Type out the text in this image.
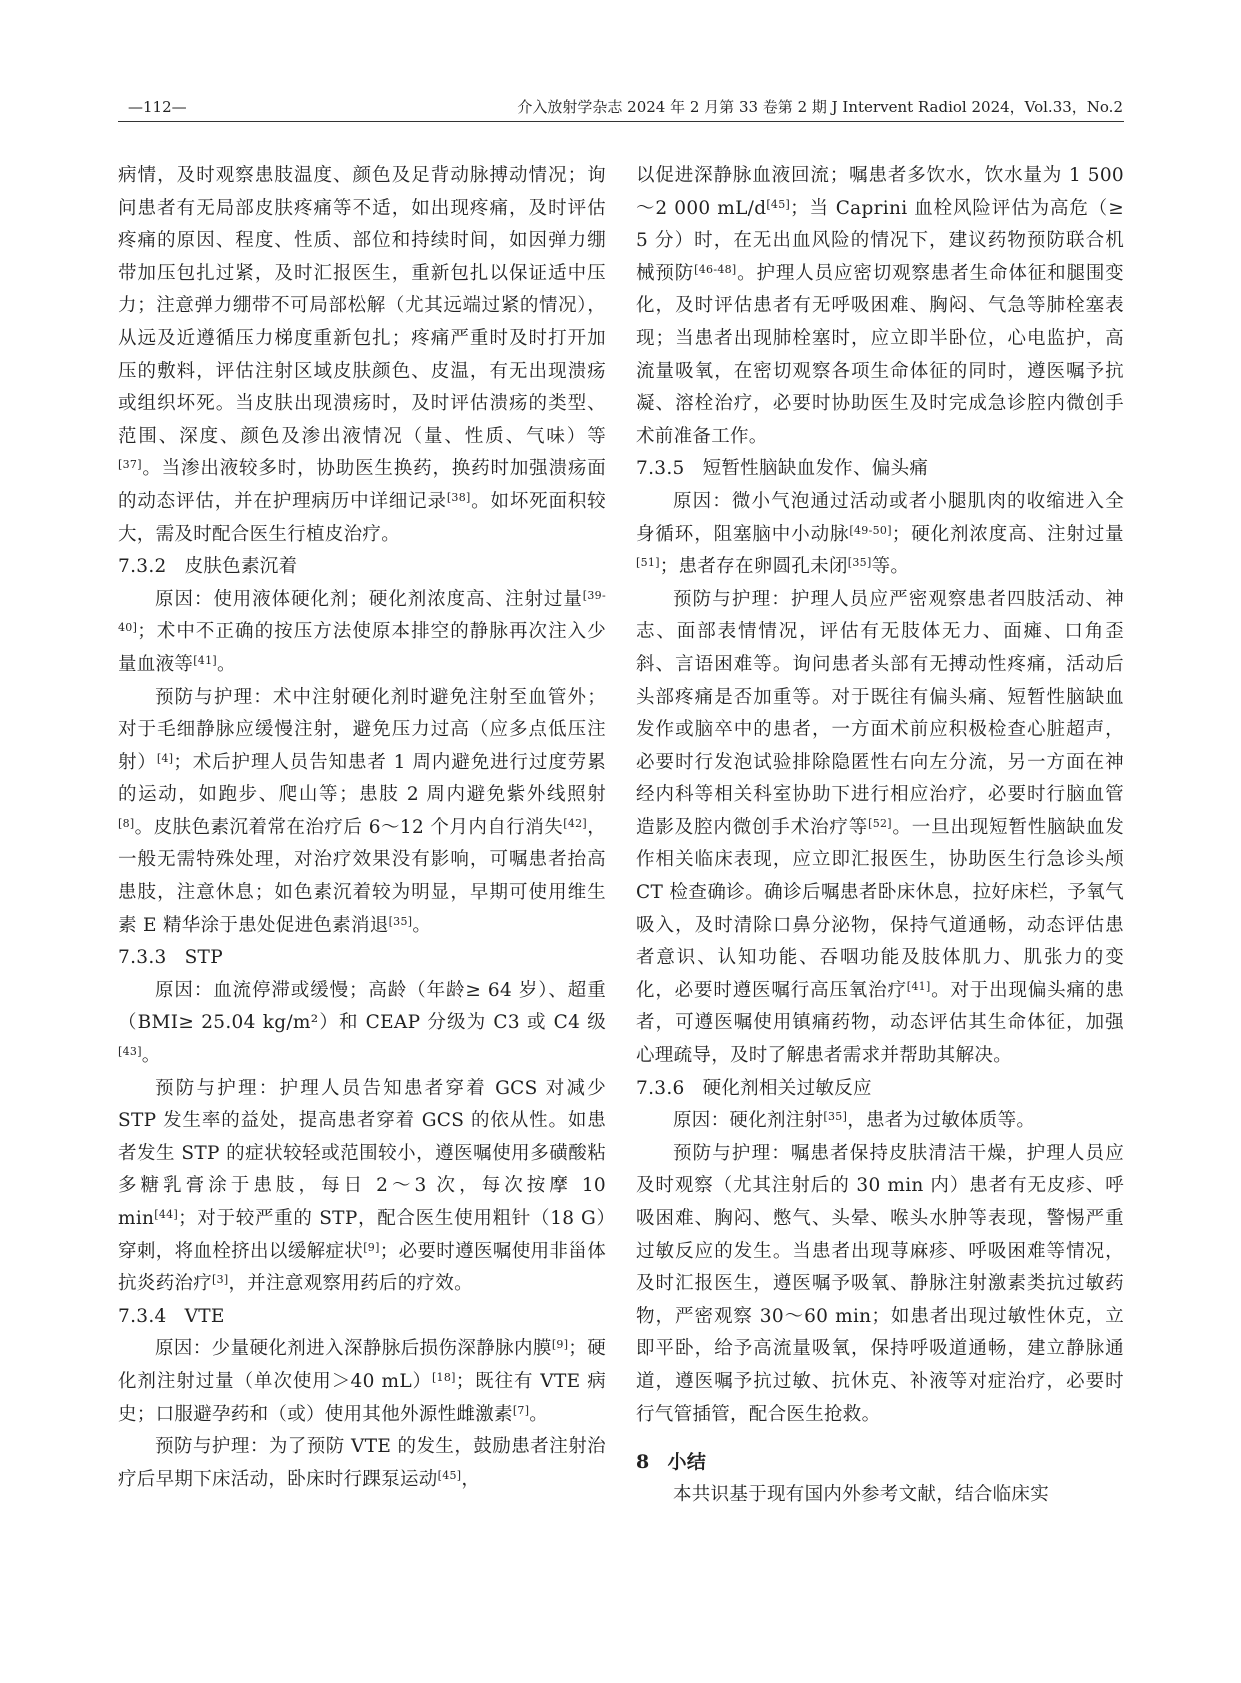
—112—	介入放射学杂志 2024 年 2 月第 33 卷第 2 期 J Intervent Radiol 2024，Vol.33，No.2

病情，及时观察患肢温度、颜色及足背动脉搏动情况；询问患者有无局部皮肤疼痛等不适，如出现疼痛，及时评估疼痛的原因、程度、性质、部位和持续时间，如因弹力绷带加压包扎过紧，及时汇报医生，重新包扎以保证适中压力；注意弹力绷带不可局部松解（尤其远端过紧的情况），从远及近遵循压力梯度重新包扎；疼痛严重时及时打开加压的敷料，评估注射区域皮肤颜色、皮温，有无出现溃疡或组织坏死。当皮肤出现溃疡时，及时评估溃疡的类型、范围、深度、颜色及渗出液情况（量、性质、气味）等[37]。当渗出液较多时，协助医生换药，换药时加强溃疡面的动态评估，并在护理病历中详细记录[38]。如坏死面积较大，需及时配合医生行植皮治疗。

7.3.2 皮肤色素沉着

原因：使用液体硬化剂；硬化剂浓度高、注射过量[39-40]；术中不正确的按压方法使原本排空的静脉再次注入少量血液等[41]。

预防与护理：术中注射硬化剂时避免注射至血管外；对于毛细静脉应缓慢注射，避免压力过高（应多点低压注射）[4]；术后护理人员告知患者 1 周内避免进行过度劳累的运动，如跑步、爬山等；患肢 2 周内避免紫外线照射[8]。皮肤色素沉着常在治疗后 6～12 个月内自行消失[42]，一般无需特殊处理，对治疗效果没有影响，可嘱患者抬高患肢，注意休息；如色素沉着较为明显，早期可使用维生素 E 精华涂于患处促进色素消退[35]。

7.3.3 STP

原因：血流停滞或缓慢；高龄（年龄≥ 64 岁）、超重（BMI≥ 25.04 kg/m²）和 CEAP 分级为 C3 或 C4 级[43]。

预防与护理：护理人员告知患者穿着 GCS 对减少 STP 发生率的益处，提高患者穿着 GCS 的依从性。如患者发生 STP 的症状较轻或范围较小，遵医嘱使用多磺酸粘多糖乳膏涂于患肢，每日 2～3 次，每次按摩 10 min[44]；对于较严重的 STP，配合医生使用粗针（18 G）穿刺，将血栓挤出以缓解症状[9]；必要时遵医嘱使用非甾体抗炎药治疗[3]，并注意观察用药后的疗效。

7.3.4 VTE

原因：少量硬化剂进入深静脉后损伤深静脉内膜[9]；硬化剂注射过量（单次使用＞40 mL）[18]；既往有 VTE 病史；口服避孕药和（或）使用其他外源性雌激素[7]。

预防与护理：为了预防 VTE 的发生，鼓励患者注射治疗后早期下床活动，卧床时行踝泵运动[45]，

以促进深静脉血液回流；嘱患者多饮水，饮水量为 1 500～2 000 mL/d[45]；当 Caprini 血栓风险评估为高危（≥ 5 分）时，在无出血风险的情况下，建议药物预防联合机械预防[46-48]。护理人员应密切观察患者生命体征和腿围变化，及时评估患者有无呼吸困难、胸闷、气急等肺栓塞表现；当患者出现肺栓塞时，应立即半卧位，心电监护，高流量吸氧，在密切观察各项生命体征的同时，遵医嘱予抗凝、溶栓治疗，必要时协助医生及时完成急诊腔内微创手术前准备工作。

7.3.5 短暂性脑缺血发作、偏头痛

原因：微小气泡通过活动或者小腿肌肉的收缩进入全身循环，阻塞脑中小动脉[49-50]；硬化剂浓度高、注射过量[51]；患者存在卵圆孔未闭[35]等。

预防与护理：护理人员应严密观察患者四肢活动、神志、面部表情情况，评估有无肢体无力、面瘫、口角歪斜、言语困难等。询问患者头部有无搏动性疼痛，活动后头部疼痛是否加重等。对于既往有偏头痛、短暂性脑缺血发作或脑卒中的患者，一方面术前应积极检查心脏超声，必要时行发泡试验排除隐匿性右向左分流，另一方面在神经内科等相关科室协助下进行相应治疗，必要时行脑血管造影及腔内微创手术治疗等[52]。一旦出现短暂性脑缺血发作相关临床表现，应立即汇报医生，协助医生行急诊头颅 CT 检查确诊。确诊后嘱患者卧床休息，拉好床栏，予氧气吸入，及时清除口鼻分泌物，保持气道通畅，动态评估患者意识、认知功能、吞咽功能及肢体肌力、肌张力的变化，必要时遵医嘱行高压氧治疗[41]。对于出现偏头痛的患者，可遵医嘱使用镇痛药物，动态评估其生命体征，加强心理疏导，及时了解患者需求并帮助其解决。

7.3.6 硬化剂相关过敏反应

原因：硬化剂注射[35]，患者为过敏体质等。

预防与护理：嘱患者保持皮肤清洁干燥，护理人员应及时观察（尤其注射后的 30 min 内）患者有无皮疹、呼吸困难、胸闷、憋气、头晕、喉头水肿等表现，警惕严重过敏反应的发生。当患者出现荨麻疹、呼吸困难等情况，及时汇报医生，遵医嘱予吸氧、静脉注射激素类抗过敏药物，严密观察 30～60 min；如患者出现过敏性休克，立即平卧，给予高流量吸氧，保持呼吸道通畅，建立静脉通道，遵医嘱予抗过敏、抗休克、补液等对症治疗，必要时行气管插管，配合医生抢救。

8 小结

本共识基于现有国内外参考文献，结合临床实
